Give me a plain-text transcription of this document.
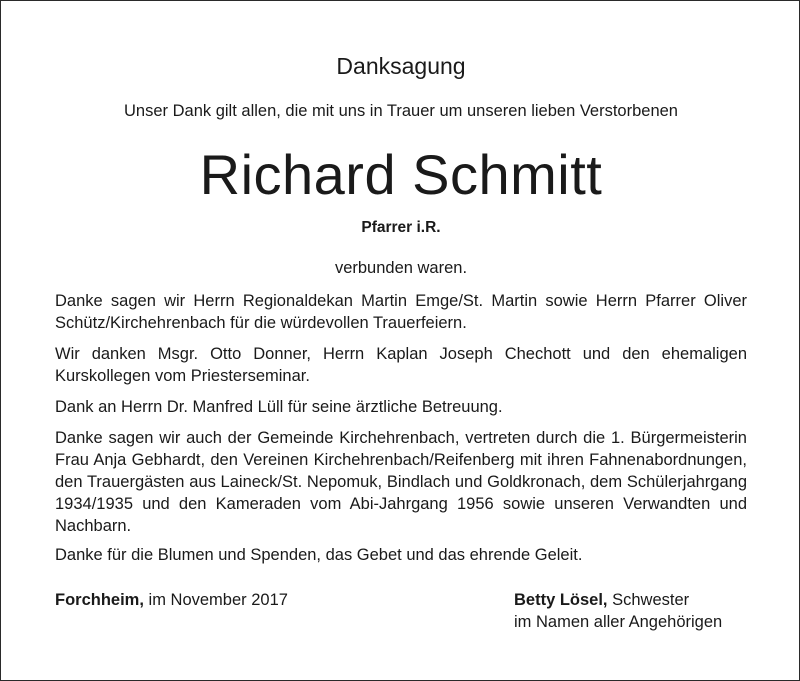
Danksagung
Unser Dank gilt allen, die mit uns in Trauer um unseren lieben Verstorbenen
Richard Schmitt
Pfarrer i.R.
verbunden waren.
Danke sagen wir Herrn Regionaldekan Martin Emge/St. Martin sowie Herrn Pfarrer Oliver Schütz/Kirchehrenbach für die würdevollen Trauerfeiern.
Wir danken Msgr. Otto Donner, Herrn Kaplan Joseph Chechott und den ehemaligen Kurskollegen vom Priesterseminar.
Dank an Herrn Dr. Manfred Lüll für seine ärztliche Betreuung.
Danke sagen wir auch der Gemeinde Kirchehrenbach, vertreten durch die 1. Bürgermeisterin Frau Anja Gebhardt, den Vereinen Kirchehrenbach/Reifenberg mit ihren Fahnenabordnungen, den Trauergästen aus Laineck/St. Nepomuk, Bindlach und Goldkronach, dem Schülerjahrgang 1934/1935 und den Kameraden vom Abi-Jahrgang 1956 sowie unseren Verwandten und Nachbarn.
Danke für die Blumen und Spenden, das Gebet und das ehrende Geleit.
Forchheim, im November 2017	Betty Lösel, Schwester
im Namen aller Angehörigen
